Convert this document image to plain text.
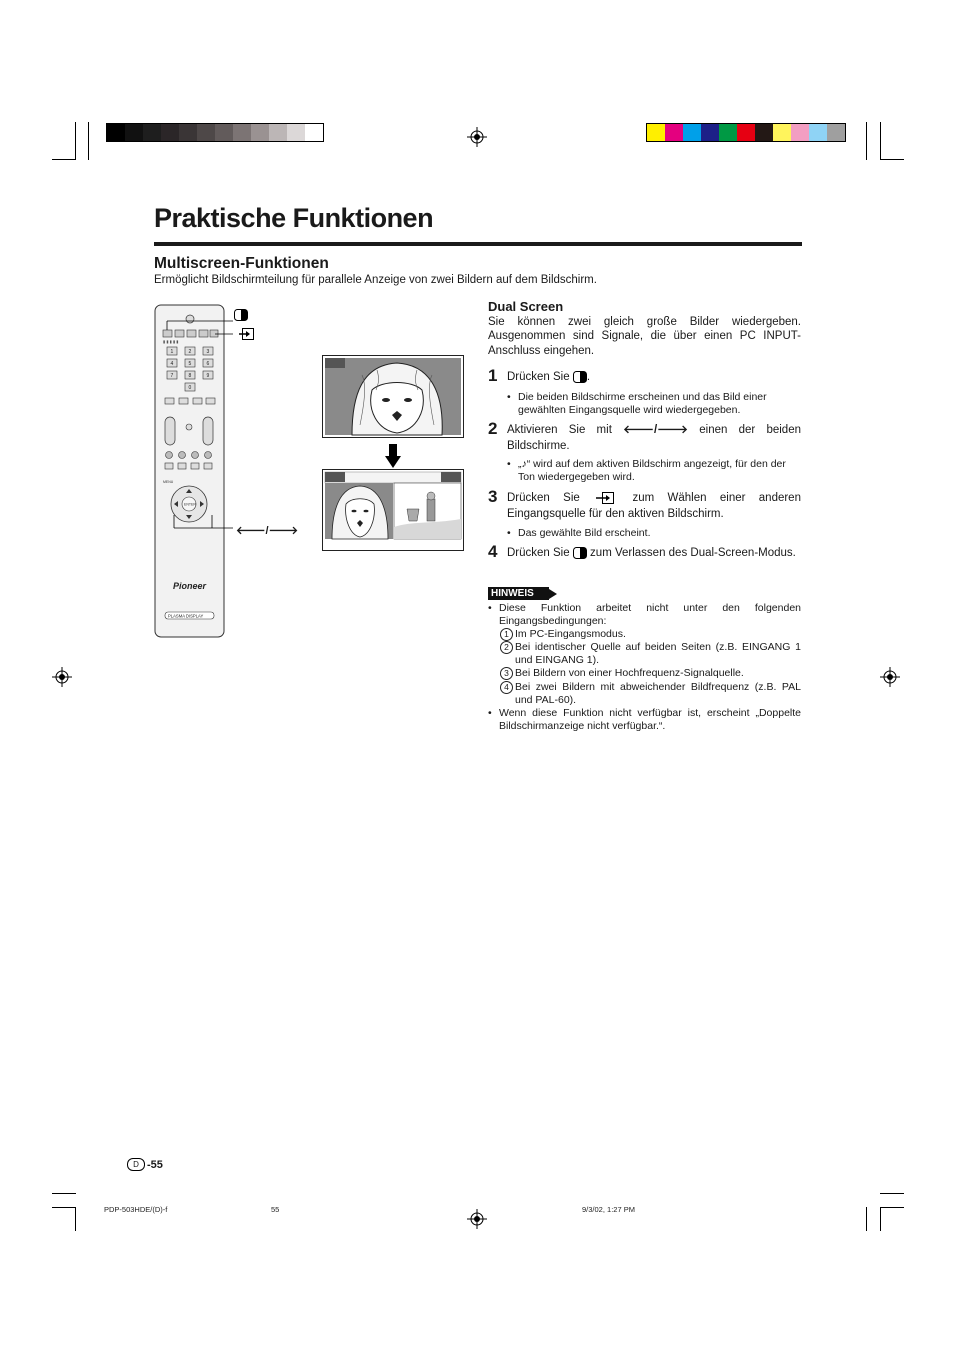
Praktische Funktionen
Multiscreen-Funktionen
Ermöglicht Bildschirmteilung für parallele Anzeige von zwei Bildern auf dem Bildschirm.
▮ ▮ ▮ ▮ ▮
1	2	3
4	5	6
7	8	9
0
MENU
ENTER
Pioneer
PLASMA DISPLAY
🡐/🡒
Dual Screen
Sie können zwei gleich große Bilder wiedergeben. Ausgenommen sind Signale, die über einen PC INPUT-Anschluss eingehen.
1 Drücken Sie .
• Die beiden Bildschirme erscheinen und das Bild einer gewählten Eingangsquelle wird wiedergegeben.
2 Aktivieren Sie mit 🡐/🡒 einen der beiden Bildschirme.
• „♪“ wird auf dem aktiven Bildschirm angezeigt, für den der Ton wiedergegeben wird.
3 Drücken Sie	zum Wählen einer anderen Eingangsquelle für den aktiven Bildschirm.
• Das gewählte Bild erscheint.
4 Drücken Sie zum Verlassen des Dual-Screen-Modus.
HINWEIS
• Diese Funktion arbeitet nicht unter den folgenden Eingangsbedingungen:
1 Im PC-Eingangsmodus.
2 Bei identischer Quelle auf beiden Seiten (z.B. EINGANG 1 und EINGANG 1).
3 Bei Bildern von einer Hochfrequenz-Signalquelle.
4 Bei zwei Bildern mit abweichender Bildfrequenz (z.B. PAL und PAL-60).
• Wenn diese Funktion nicht verfügbar ist, erscheint „Doppelte Bildschirmanzeige nicht verfügbar.“.
D -55
PDP-503HDE/(D)-f	55	9/3/02, 1:27 PM
